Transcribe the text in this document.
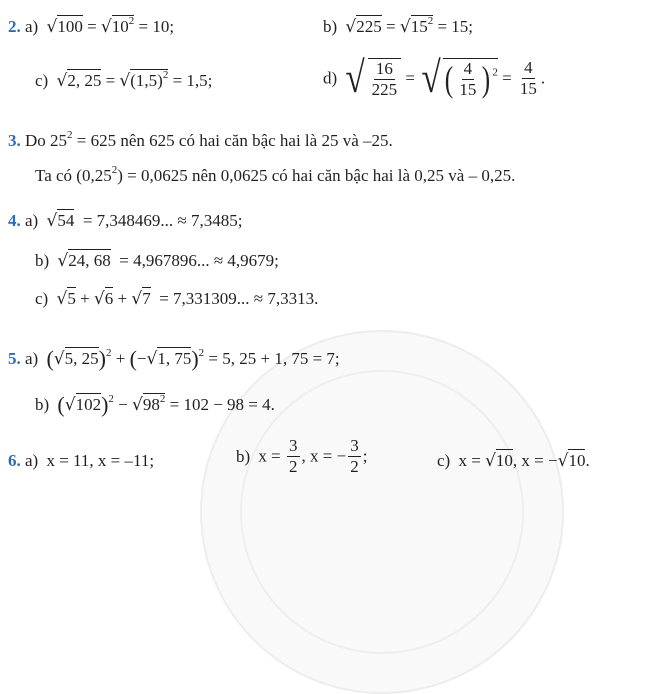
2. a) $√100 = √10^2 = 10$;	b) $√225 = √15^2 = 15$;
c) √2, $25 = √(1,5)^2 = 1,5$;	d) √ $\frac{16}{225}$ = √ ( $\frac{4}{15}$ ) $^2 = \frac{4}{15}$ .
3. Do $25^2 = 625$ nên 625 có hai căn bậc hai là 25 và –25.
Ta có $(0,25^2) = 0,0625$ nên 0,0625 có hai căn bậc hai là 0,25 và – 0,25.
4. a) √54  = 7,348469... ≈ 7,3485;
b) √24, 68  = 4,967896... ≈ 4,9679;
c) √5 + √6 + √7  = 7,331309... ≈ 7,3313.
5. a) (√5, 25)$^2$ + (−√1, 75)$^2$ = 5, 25 + 1, 75 = 7;
b) $(√102)^2 - √98^2 = 102 - 98 = 4$.
6. a) x = 11, x = –11;	b) $x = \frac{3}{2}$ , x = − $\frac{3}{2}$ ;	c) x = √10, x = −√10.
